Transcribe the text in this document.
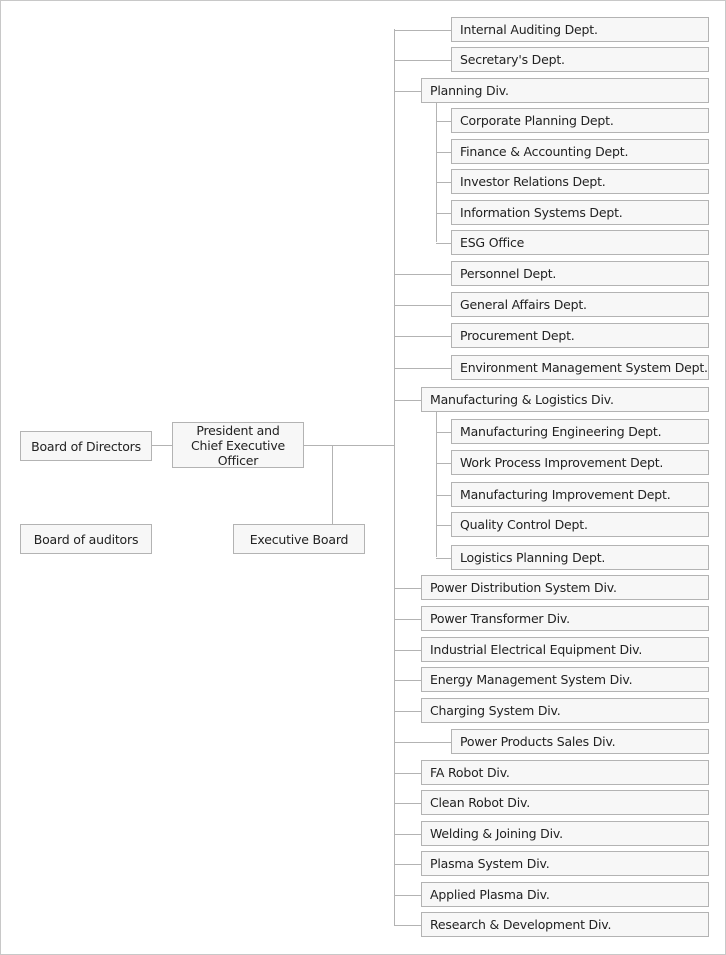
Board of Directors
Board of auditors
President and
Chief Executive Officer
Executive Board
Internal Auditing Dept.
Secretary's Dept.
Planning Div.
Corporate Planning Dept.
Finance & Accounting Dept.
Investor Relations Dept.
Information Systems Dept.
ESG Office
Personnel Dept.
General Affairs Dept.
Procurement Dept.
Environment Management System Dept.
Manufacturing & Logistics Div.
Manufacturing Engineering Dept.
Work Process Improvement Dept.
Manufacturing Improvement Dept.
Quality Control Dept.
Logistics Planning Dept.
Power Distribution System Div.
Power Transformer Div.
Industrial Electrical Equipment Div.
Energy Management System Div.
Charging System Div.
Power Products Sales Div.
FA Robot Div.
Clean Robot Div.
Welding & Joining Div.
Plasma System Div.
Applied Plasma Div.
Research & Development Div.
